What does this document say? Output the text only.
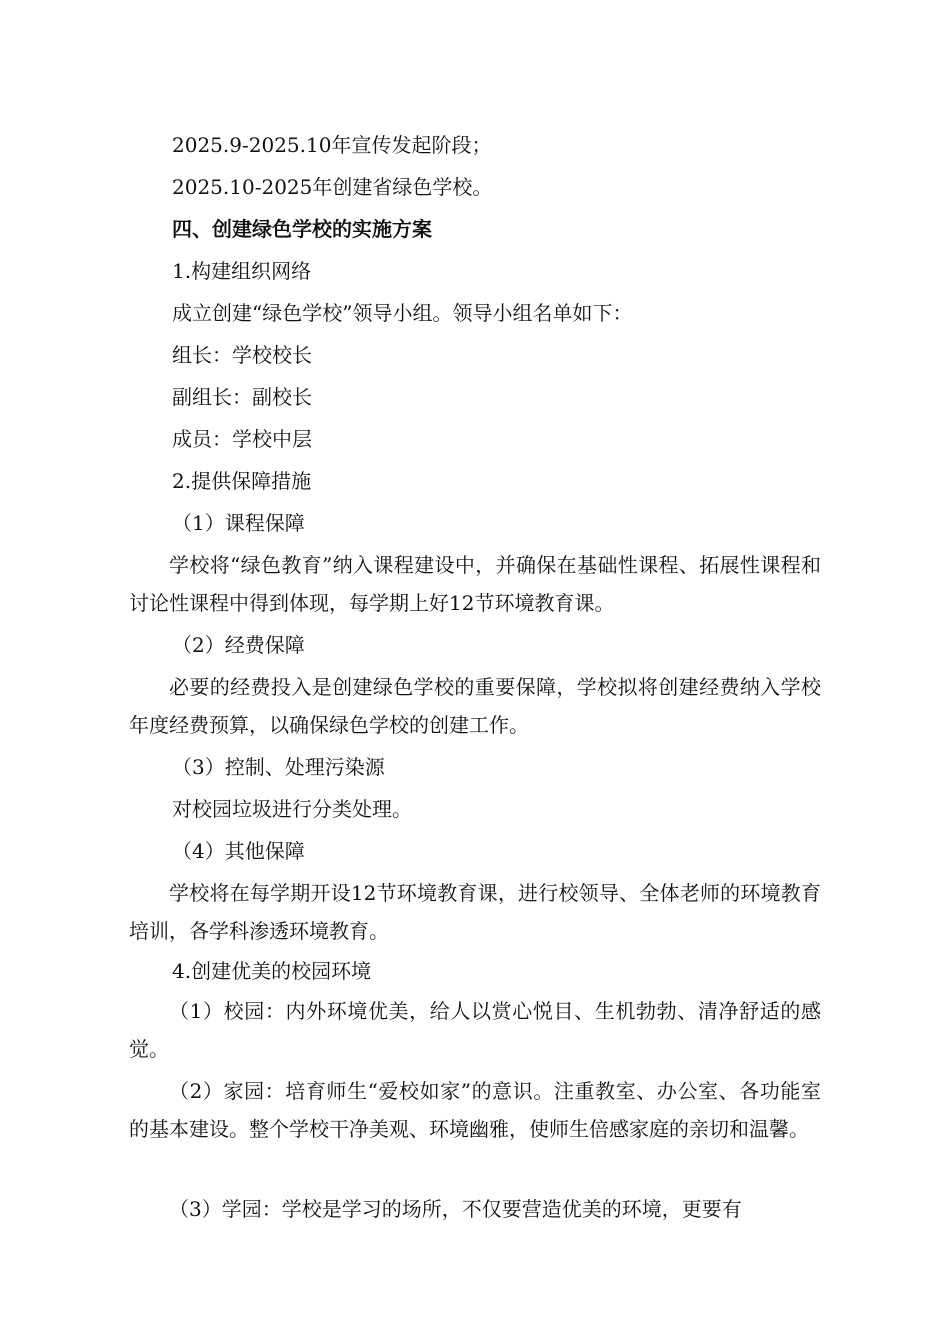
2025.9-2025.10年宣传发起阶段；
2025.10-2025年创建省绿色学校。
四、创建绿色学校的实施方案
1.构建组织网络
成立创建“绿色学校”领导小组。领导小组名单如下：
组长：学校校长
副组长：副校长
成员：学校中层
2.提供保障措施
（1）课程保障
学校将“绿色教育”纳入课程建设中，并确保在基础性课程、拓展性课程和讨论性课程中得到体现，每学期上好12节环境教育课。
（2）经费保障
必要的经费投入是创建绿色学校的重要保障，学校拟将创建经费纳入学校年度经费预算，以确保绿色学校的创建工作。
（3）控制、处理污染源
对校园垃圾进行分类处理。
（4）其他保障
学校将在每学期开设12节环境教育课，进行校领导、全体老师的环境教育培训，各学科渗透环境教育。
4.创建优美的校园环境
（1）校园：内外环境优美，给人以赏心悦目、生机勃勃、清净舒适的感觉。
（2）家园：培育师生“爱校如家”的意识。注重教室、办公室、各功能室的基本建设。整个学校干净美观、环境幽雅，使师生倍感家庭的亲切和温馨。
（3）学园：学校是学习的场所，不仅要营造优美的环境，更要有
